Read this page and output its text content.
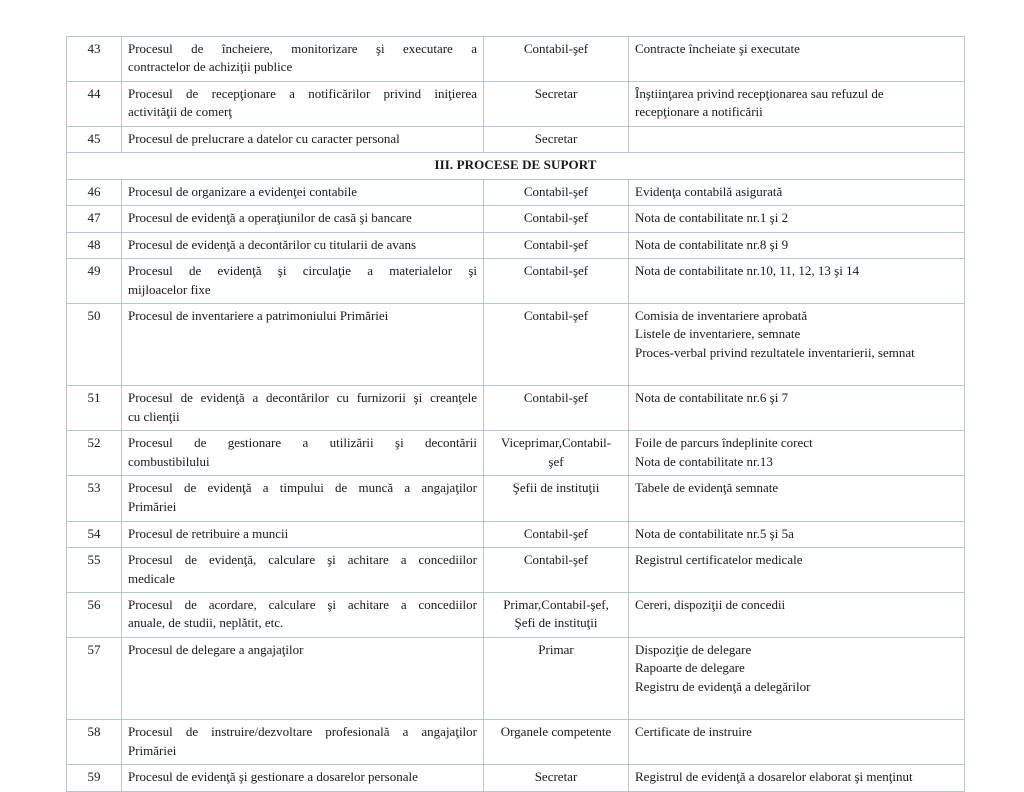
43	Procesul de încheiere, monitorizare şi executare a
contractelor de achiziţii publice	Contabil-şef	Contracte încheiate şi executate

44	Procesul de recepţionare a notificărilor privind iniţierea
activităţii de comerţ	Secretar	Înştiinţarea privind recepţionarea sau refuzul de
recepţionare a notificării

45	Procesul de prelucrare a datelor cu caracter personal	Secretar	

III. PROCESE DE SUPORT			
46	Procesul de organizare a evidenţei contabile	Contabil-şef	Evidenţa contabilă asigurată

47	Procesul de evidenţă a operaţiunilor de casă şi bancare	Contabil-şef	Nota de contabilitate nr.1 şi 2

48	Procesul de evidenţă a decontărilor cu titularii de avans	Contabil-şef	Nota de contabilitate nr.8 şi 9

49	Procesul de evidenţă şi circulaţie a materialelor şi
mijloacelor fixe	Contabil-şef	Nota de contabilitate nr.10, 11, 12, 13 şi 14

50	Procesul de inventariere a patrimoniului Primăriei	Contabil-şef	Comisia de inventariere aprobată
Listele de inventariere, semnate
Proces-verbal privind rezultatele inventarierii, semnat

51	Procesul de evidenţă a decontărilor cu furnizorii şi creanţele
cu clienţii	Contabil-şef	Nota de contabilitate nr.6 şi 7

52	Procesul de gestionare a utilizării şi decontării
combustibilului	Viceprimar,Contabil-
şef	Foile de parcurs îndeplinite corect
Nota de contabilitate nr.13

53	Procesul de evidenţă a timpului de muncă a angajaţilor
Primăriei	Şefii de instituţii	Tabele de evidenţă semnate

54	Procesul de retribuire a muncii	Contabil-şef	Nota de contabilitate nr.5 şi 5a

55	Procesul de evidenţă, calculare şi achitare a concediilor
medicale	Contabil-şef	Registrul certificatelor medicale

56	Procesul de acordare, calculare şi achitare a concediilor
anuale, de studii, neplătit, etc.	Primar,Contabil-şef,
Şefi de instituţii	Cereri, dispoziţii de concedii

57	Procesul de delegare a angajaţilor	Primar	Dispoziţie de delegare
Rapoarte de delegare
Registru de evidenţă a delegărilor

58	Procesul de instruire/dezvoltare profesională a angajaţilor
Primăriei	Organele competente	Certificate de instruire

59	Procesul de evidenţă şi gestionare a dosarelor personale	Secretar	Registrul de evidenţă a dosarelor elaborat şi menţinut
